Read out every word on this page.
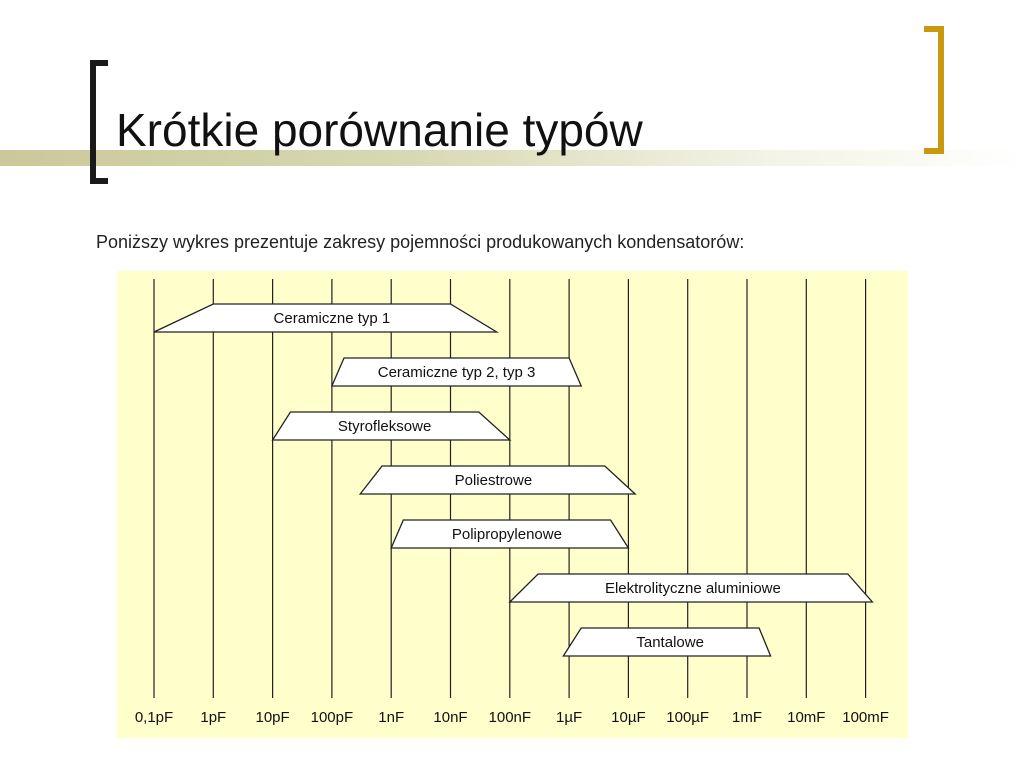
Krótkie porównanie typów
Poniższy wykres prezentuje zakresy pojemności produkowanych kondensatorów:
0,1pF 1pF 10pF 100pF 1nF 10nF 100nF 1µF 10µF 100µF 1mF 10mF 100mF
Ceramiczne typ 1
Ceramiczne typ 2, typ 3
Styrofleksowe
Poliestrowe
Polipropylenowe
Elektrolityczne aluminiowe
Tantalowe
